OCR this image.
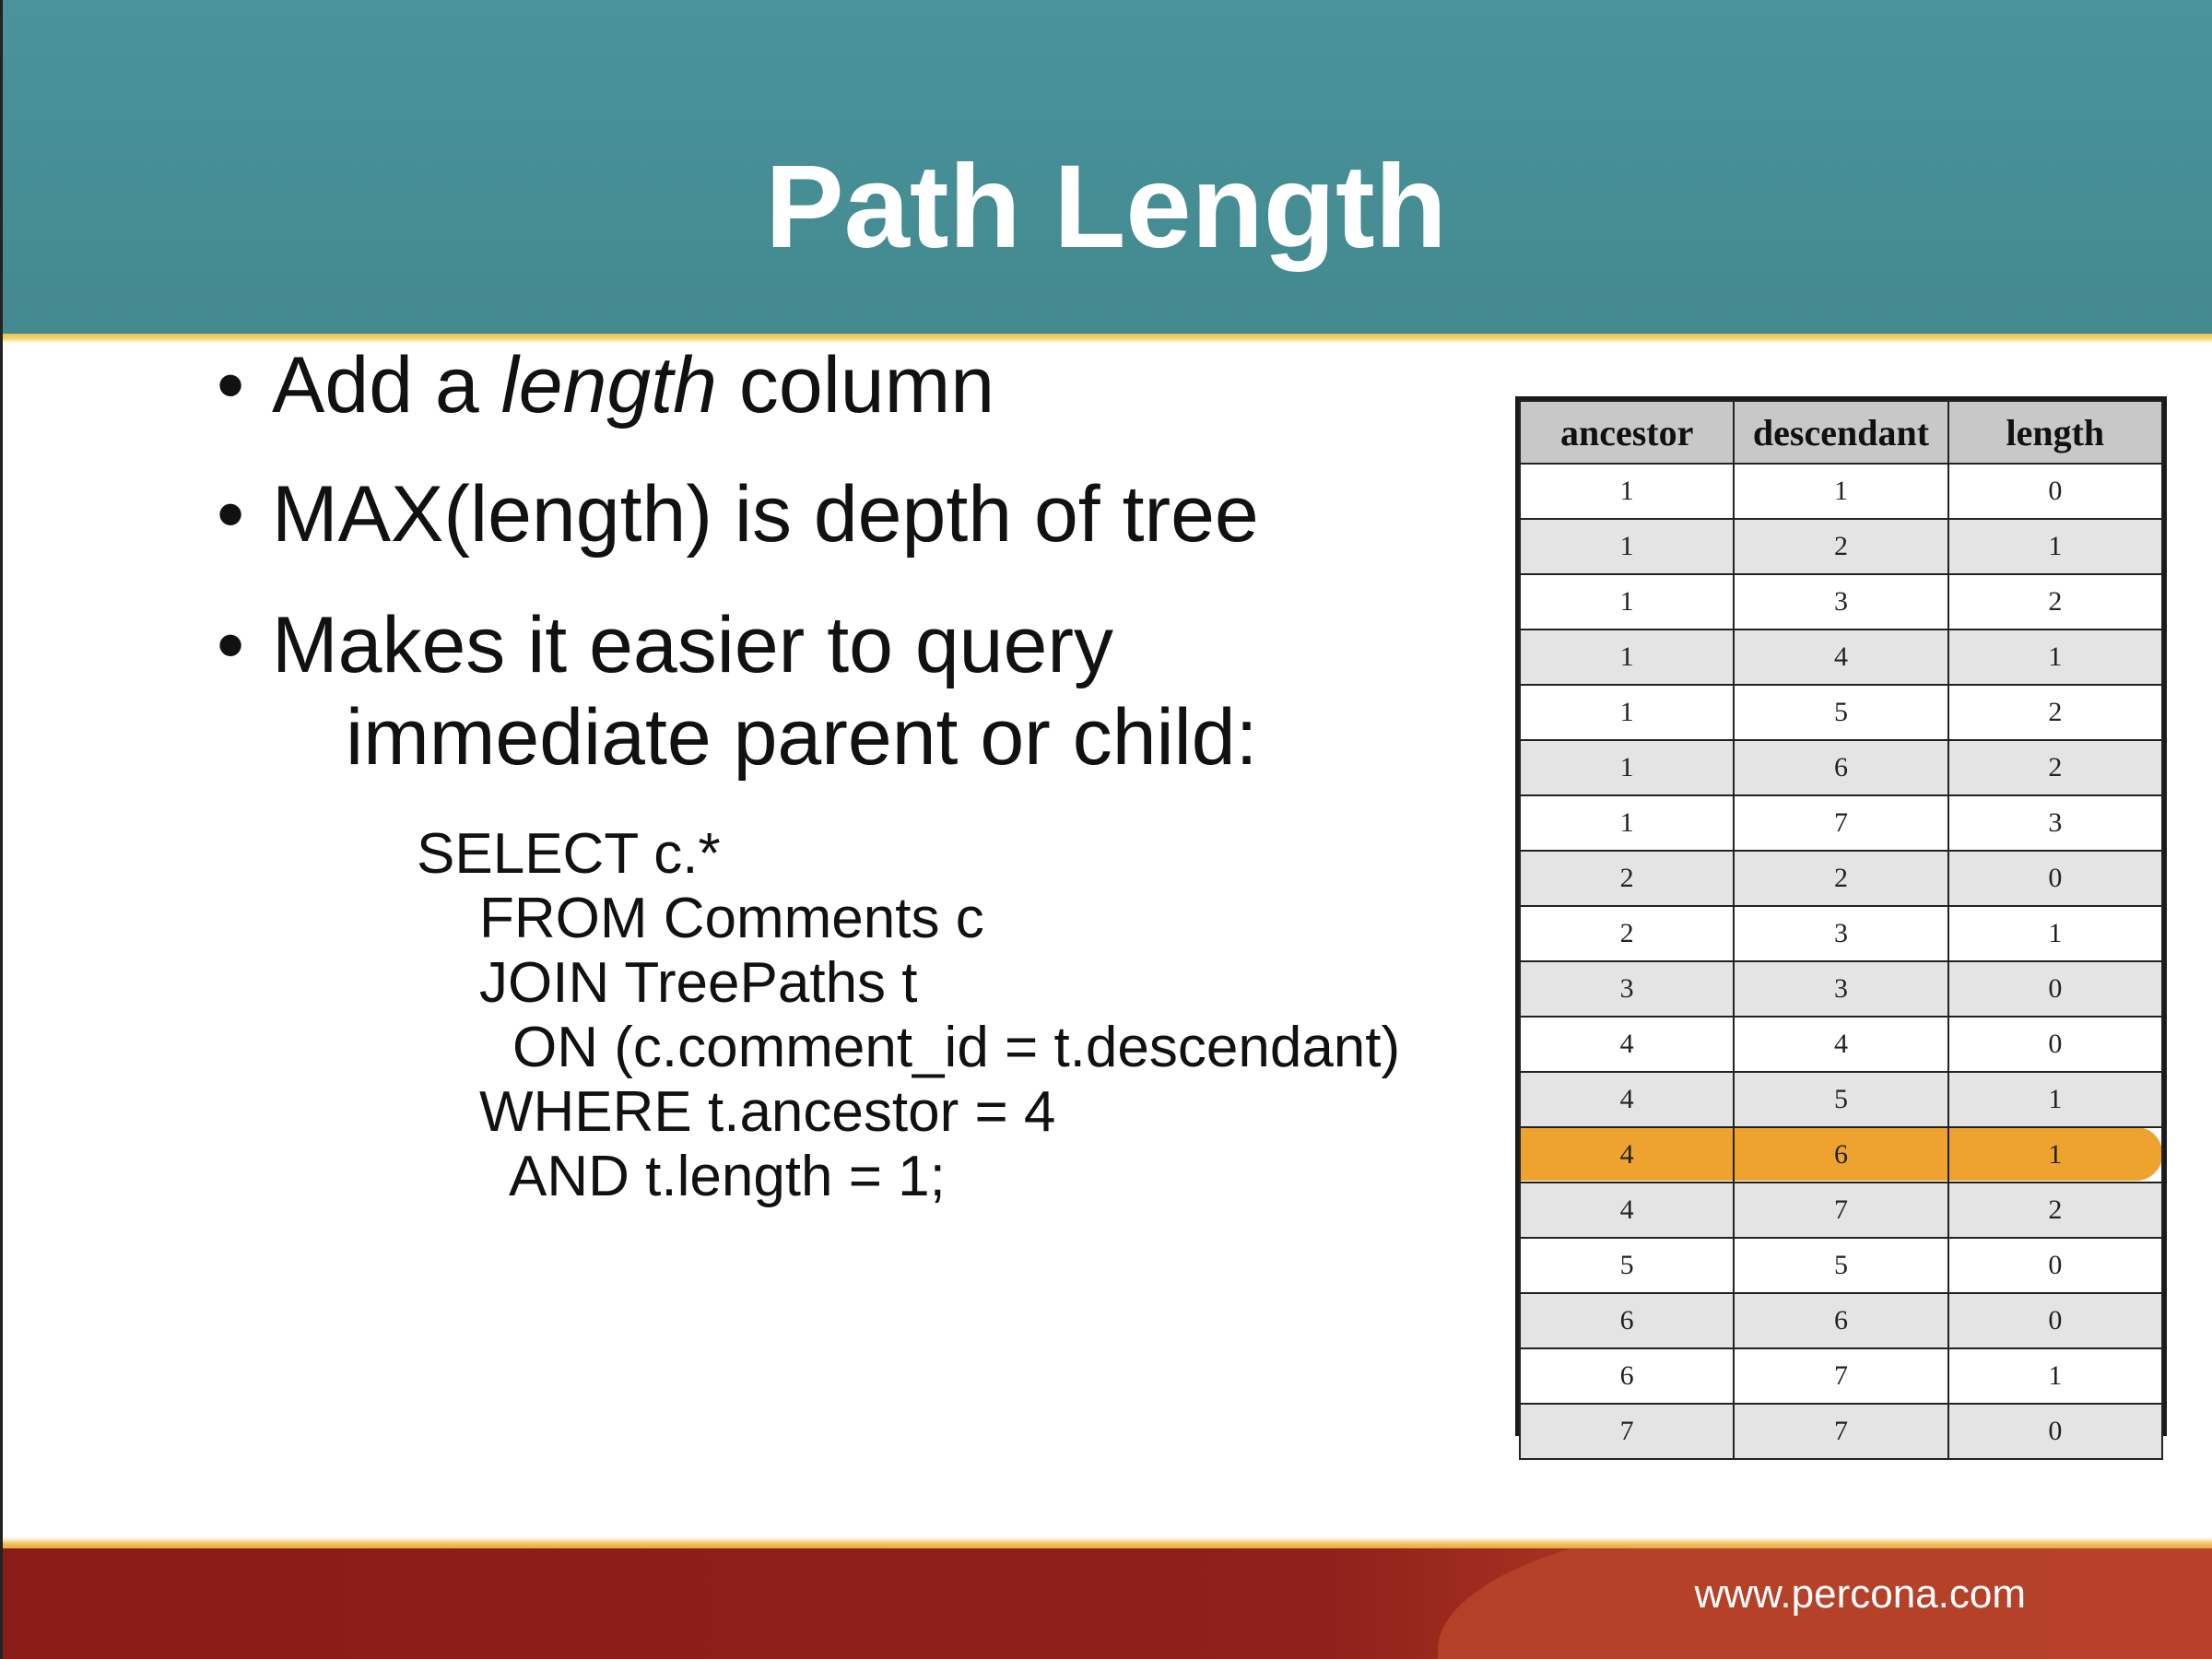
Path Length
• Add a length column
• MAX(length) is depth of tree
• Makes it easier to query
immediate parent or child:
SELECT c.*
FROM Comments c
JOIN TreePaths t
ON (c.comment_id = t.descendant)
WHERE t.ancestor = 4
AND t.length = 1;
ancestor	descendant	length
1	1	0
1	2	1
1	3	2
1	4	1
1	5	2
1	6	2
1	7	3
2	2	0
2	3	1
3	3	0
4	4	0
4	5	1
4	6	1
4	7	2
5	5	0
6	6	0
6	7	1
7	7	0
www.percona.com
